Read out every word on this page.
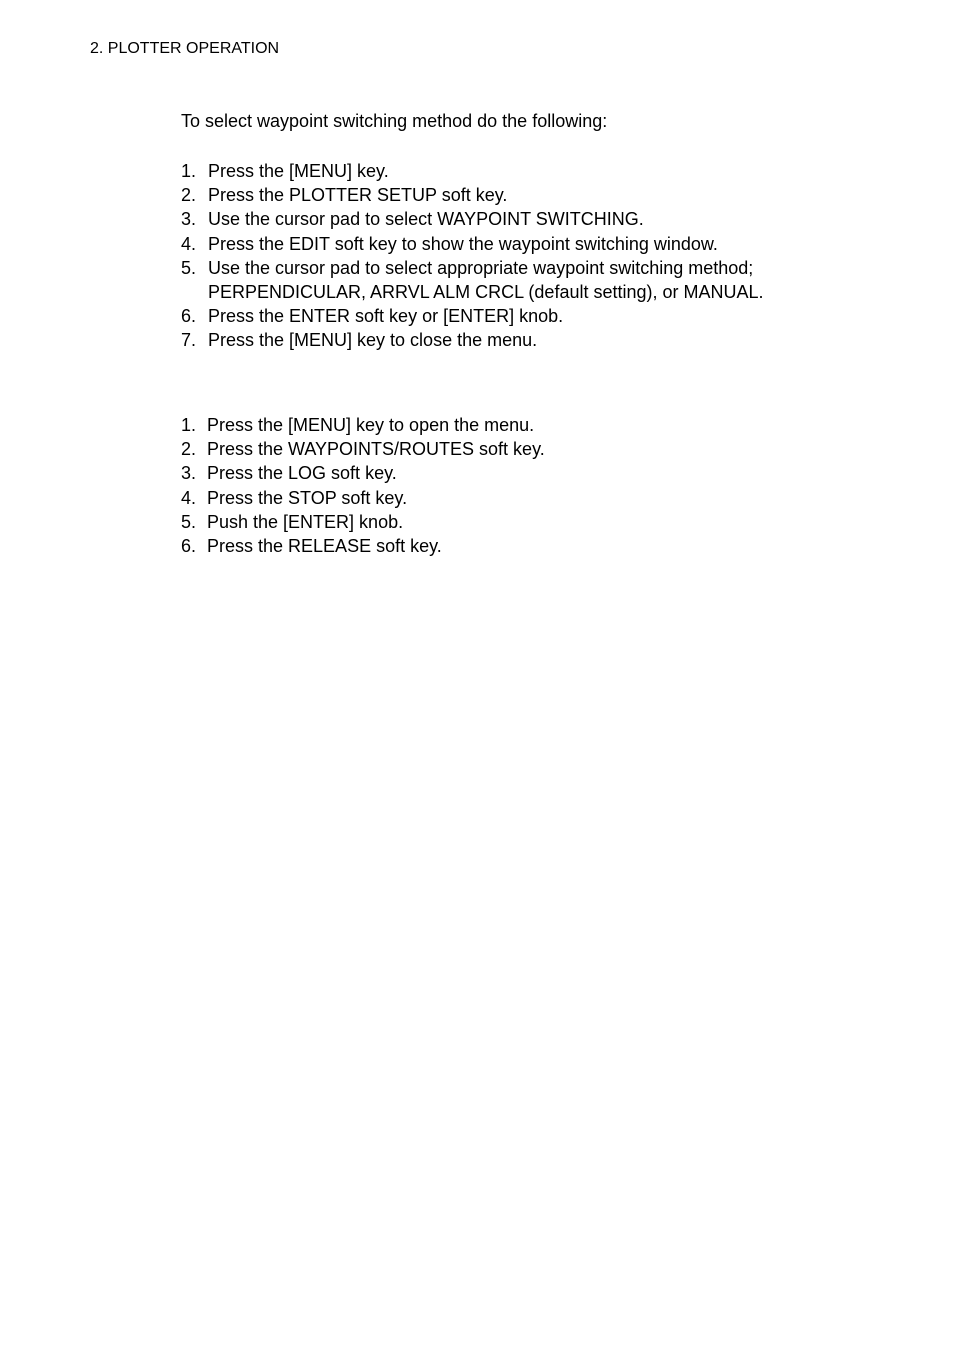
2. PLOTTER OPERATION

To select waypoint switching method do the following:

1. Press the [MENU] key.
2. Press the PLOTTER SETUP soft key.
3. Use the cursor pad to select WAYPOINT SWITCHING.
4. Press the EDIT soft key to show the waypoint switching window.
5. Use the cursor pad to select appropriate waypoint switching method;
PERPENDICULAR, ARRVL ALM CRCL (default setting), or MANUAL.
6. Press the ENTER soft key or [ENTER] knob.
7. Press the [MENU] key to close the menu.
1. Press the [MENU] key to open the menu.
2. Press the WAYPOINTS/ROUTES soft key.
3. Press the LOG soft key.
4. Press the STOP soft key.
5. Push the [ENTER] knob.
6. Press the RELEASE soft key.
